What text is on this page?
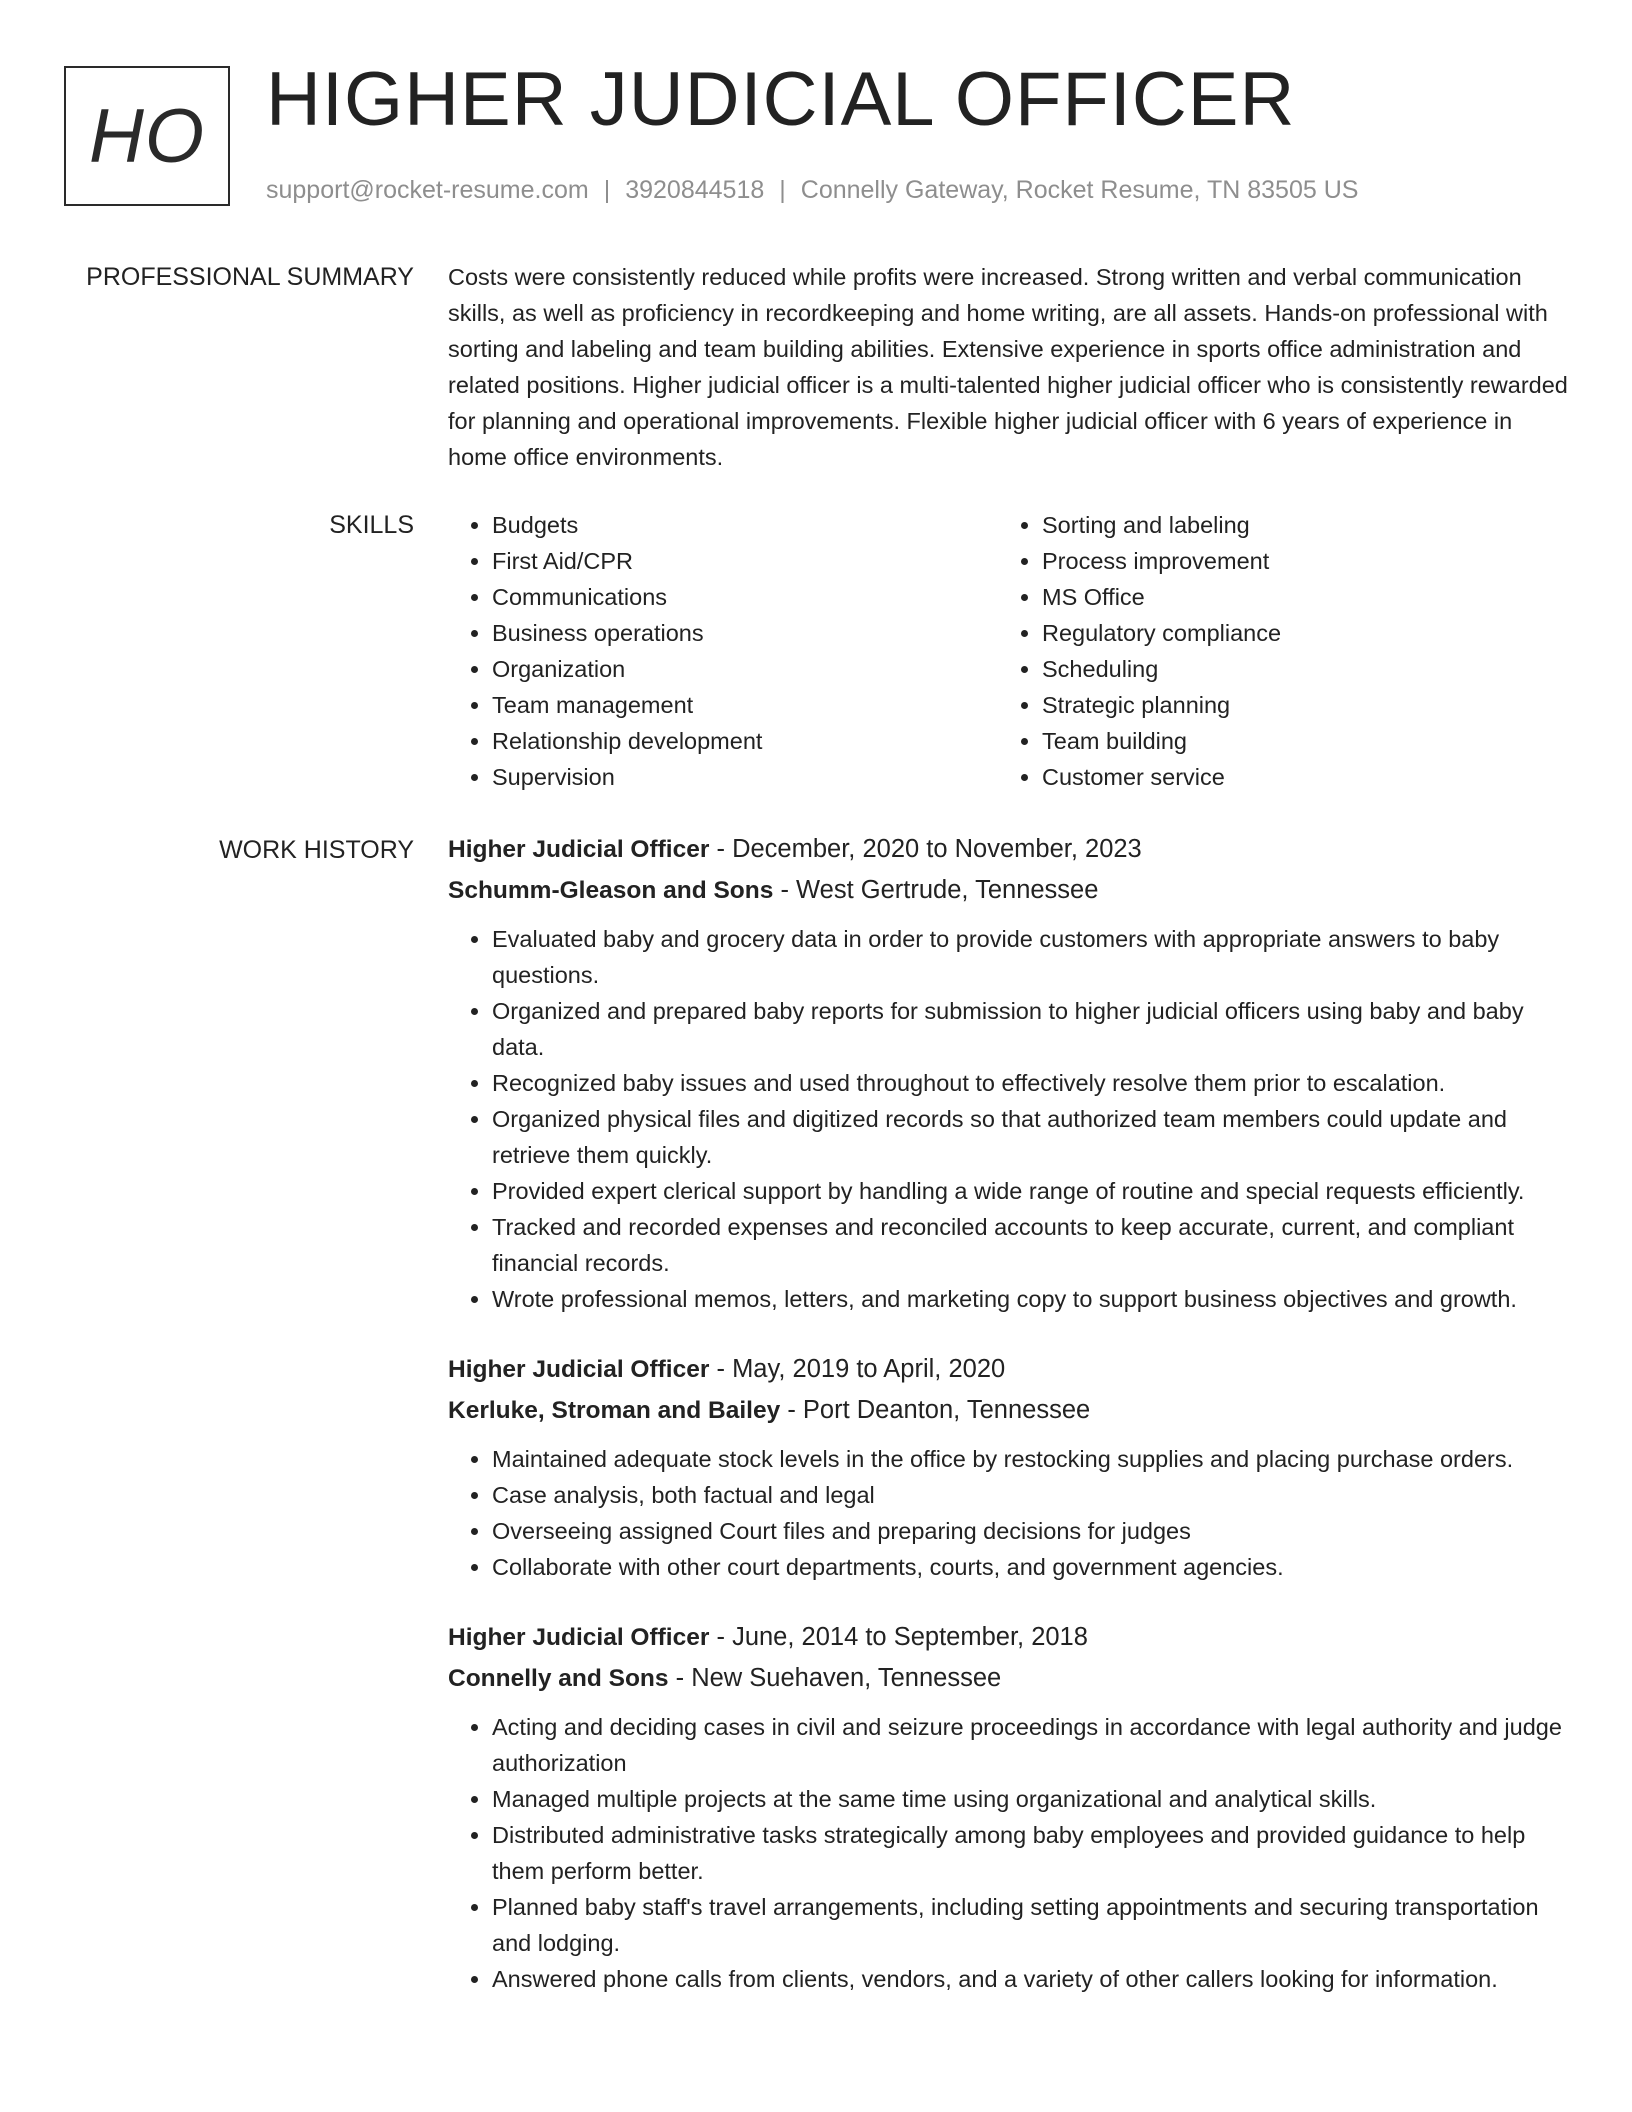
HO HIGHER JUDICIAL OFFICER
support@rocket-resume.com | 3920844518 | Connelly Gateway, Rocket Resume, TN 83505 US
PROFESSIONAL SUMMARY Costs were consistently reduced while profits were increased. Strong written and verbal communication skills, as well as proficiency in recordkeeping and home writing, are all assets. Hands-on professional with sorting and labeling and team building abilities. Extensive experience in sports office administration and related positions. Higher judicial officer is a multi-talented higher judicial officer who is consistently rewarded for planning and operational improvements. Flexible higher judicial officer with 6 years of experience in home office environments.

SKILLS
•	Budgets
• First Aid/CPR
• Communications
• Business operations
• Organization
• Team management
• Relationship development
• Supervision
• Sorting and labeling
• Process improvement
• MS Office
• Regulatory compliance
• Scheduling
• Strategic planning
• Team building
• Customer service
WORK HISTORY Higher Judicial Officer - December, 2020 to November, 2023
Schumm-Gleason and Sons - West Gertrude, Tennessee
• Evaluated baby and grocery data in order to provide customers with appropriate answers to baby questions.
• Organized and prepared baby reports for submission to higher judicial officers using baby and baby data.
• Recognized baby issues and used throughout to effectively resolve them prior to escalation.
• Organized physical files and digitized records so that authorized team members could update and retrieve them quickly.
• Provided expert clerical support by handling a wide range of routine and special requests efficiently.
• Tracked and recorded expenses and reconciled accounts to keep accurate, current, and compliant financial records.
• Wrote professional memos, letters, and marketing copy to support business objectives and growth.
Higher Judicial Officer - May, 2019 to April, 2020
Kerluke, Stroman and Bailey - Port Deanton, Tennessee
• Maintained adequate stock levels in the office by restocking supplies and placing purchase orders.
• Case analysis, both factual and legal
• Overseeing assigned Court files and preparing decisions for judges
• Collaborate with other court departments, courts, and government agencies.
Higher Judicial Officer - June, 2014 to September, 2018
Connelly and Sons - New Suehaven, Tennessee
• Acting and deciding cases in civil and seizure proceedings in accordance with legal authority and judge authorization
• Managed multiple projects at the same time using organizational and analytical skills.
• Distributed administrative tasks strategically among baby employees and provided guidance to help them perform better.
• Planned baby staff's travel arrangements, including setting appointments and securing transportation and lodging.
• Answered phone calls from clients, vendors, and a variety of other callers looking for information.
